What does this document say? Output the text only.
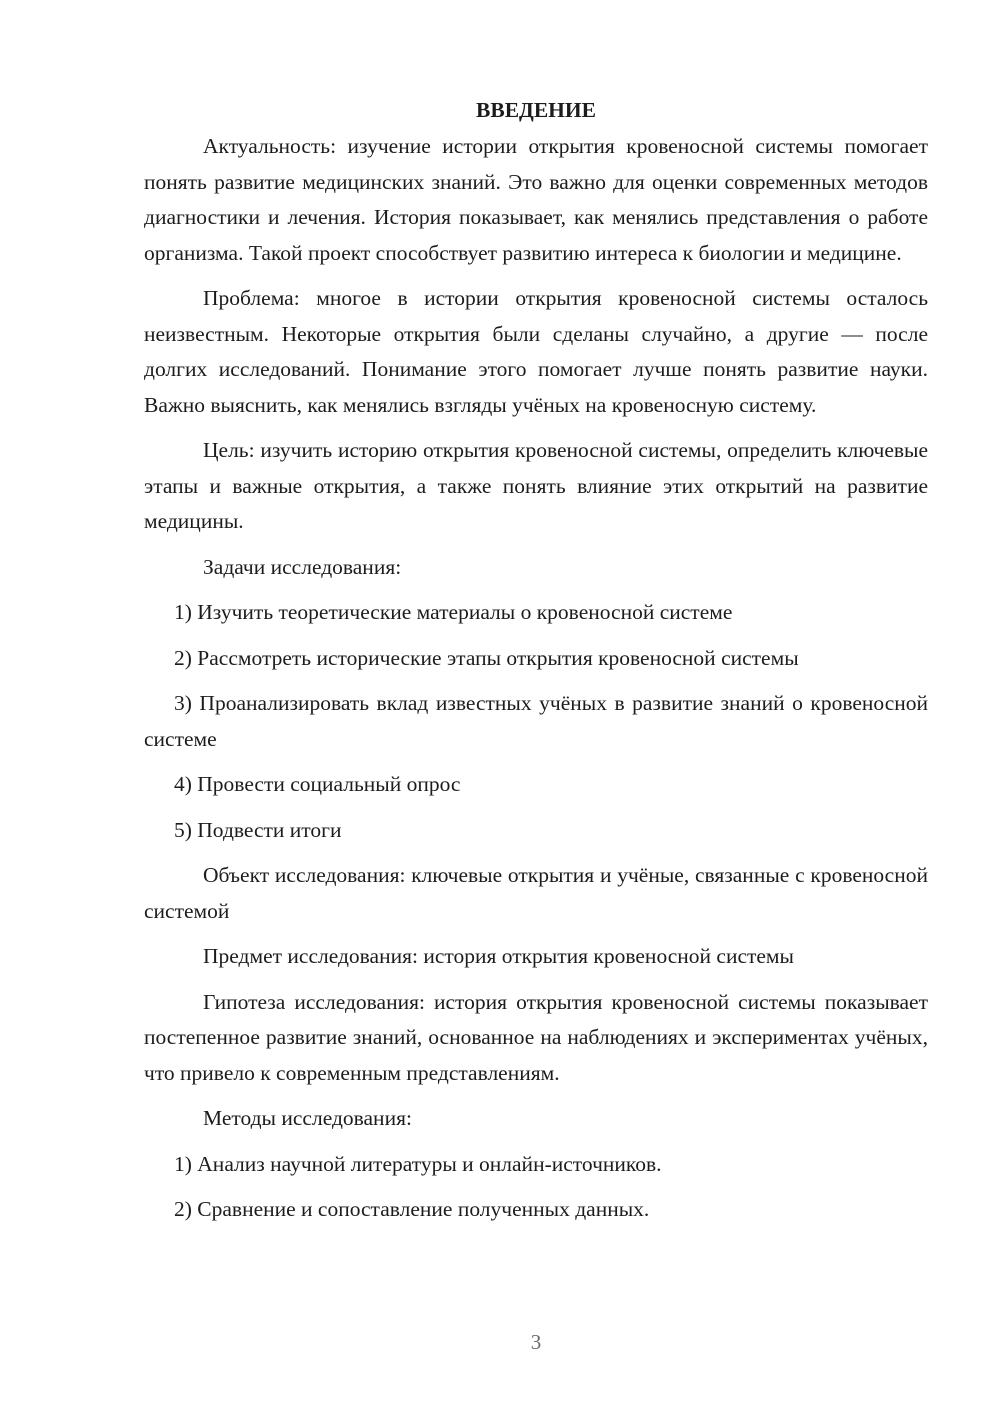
ВВЕДЕНИЕ

Актуальность: изучение истории открытия кровеносной системы помогает понять развитие медицинских знаний. Это важно для оценки современных методов диагностики и лечения. История показывает, как менялись представления о работе организма. Такой проект способствует развитию интереса к биологии и медицине.

Проблема: многое в истории открытия кровеносной системы осталось неизвестным. Некоторые открытия были сделаны случайно, а другие — после долгих исследований. Понимание этого помогает лучше понять развитие науки. Важно выяснить, как менялись взгляды учёных на кровеносную систему.

Цель: изучить историю открытия кровеносной системы, определить ключевые этапы и важные открытия, а также понять влияние этих открытий на развитие медицины.

Задачи исследования:

1) Изучить теоретические материалы о кровеносной системе

2) Рассмотреть исторические этапы открытия кровеносной системы

3) Проанализировать вклад известных учёных в развитие знаний о кровеносной системе

4) Провести социальный опрос

5) Подвести итоги

Объект исследования: ключевые открытия и учёные, связанные с кровеносной системой

Предмет исследования: история открытия кровеносной системы

Гипотеза исследования: история открытия кровеносной системы показывает постепенное развитие знаний, основанное на наблюдениях и экспериментах учёных, что привело к современным представлениям.

Методы исследования:

1) Анализ научной литературы и онлайн-источников.

2) Сравнение и сопоставление полученных данных.

3
